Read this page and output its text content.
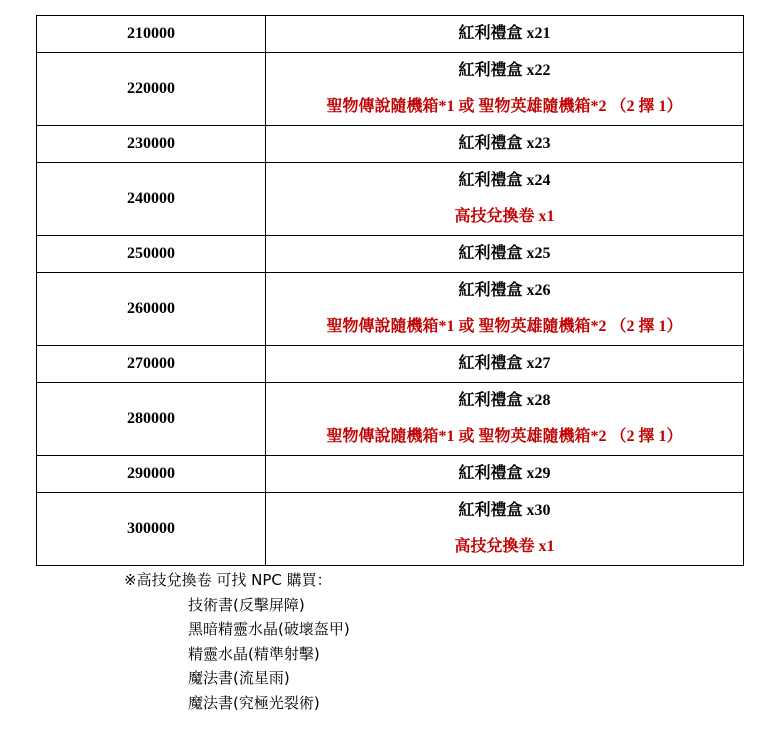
210000	紅利禮盒 x21

220000	紅利禮盒 x22
聖物傳說隨機箱*1 或 聖物英雄隨機箱*2 （2 擇 1）

230000	紅利禮盒 x23

240000	紅利禮盒 x24
高技兌換卷 x1

250000	紅利禮盒 x25

260000	紅利禮盒 x26
聖物傳說隨機箱*1 或 聖物英雄隨機箱*2 （2 擇 1）

270000	紅利禮盒 x27

280000	紅利禮盒 x28
聖物傳說隨機箱*1 或 聖物英雄隨機箱*2 （2 擇 1）

290000	紅利禮盒 x29

300000	紅利禮盒 x30
高技兌換卷 x1
※高技兌換卷 可找 NPC 購買：
技術書(反擊屏障)
黑暗精靈水晶(破壞盔甲)
精靈水晶(精準射擊)
魔法書(流星雨)
魔法書(究極光裂術)
